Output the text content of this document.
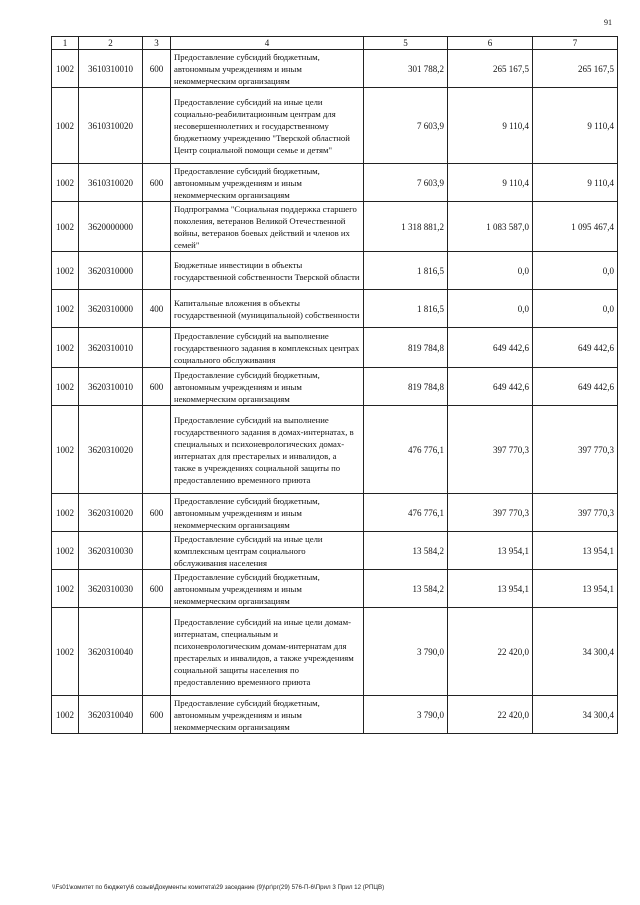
91
1	2	3	4	5	6	7
1002	3610310010	600	Предоставление субсидий бюджетным, автономным учреждениям и иным некоммерческим организациям	301 788,2	265 167,5	265 167,5
1002	3610310020		Предоставление субсидий на иные цели социально-реабилитационным центрам для несовершеннолетних и государственному бюджетному учреждению "Тверской областной Центр социальной помощи семье и детям"	7 603,9	9 110,4	9 110,4
1002	3610310020	600	Предоставление субсидий бюджетным, автономным учреждениям и иным некоммерческим организациям	7 603,9	9 110,4	9 110,4
1002	3620000000		Подпрограмма "Социальная поддержка старшего поколения, ветеранов Великой Отечественной войны, ветеранов боевых действий и членов их семей"	1 318 881,2	1 083 587,0	1 095 467,4
1002	3620310000		Бюджетные инвестиции в объекты государственной собственности Тверской области	1 816,5	0,0	0,0
1002	3620310000	400	Капитальные вложения в объекты государственной (муниципальной) собственности	1 816,5	0,0	0,0
1002	3620310010		Предоставление субсидий на выполнение государственного задания в комплексных центрах социального обслуживания	819 784,8	649 442,6	649 442,6
1002	3620310010	600	Предоставление субсидий бюджетным, автономным учреждениям и иным некоммерческим организациям	819 784,8	649 442,6	649 442,6
1002	3620310020		Предоставление субсидий на выполнение государственного задания в домах-интернатах, в специальных и психоневрологических домах-интернатах для престарелых и инвалидов, а также в учреждениях социальной защиты по предоставлению временного приюта	476 776,1	397 770,3	397 770,3
1002	3620310020	600	Предоставление субсидий бюджетным, автономным учреждениям и иным некоммерческим организациям	476 776,1	397 770,3	397 770,3
1002	3620310030		Предоставление субсидий на иные цели комплексным центрам социального обслуживания населения	13 584,2	13 954,1	13 954,1
1002	3620310030	600	Предоставление субсидий бюджетным, автономным учреждениям и иным некоммерческим организациям	13 584,2	13 954,1	13 954,1
1002	3620310040		Предоставление субсидий на иные цели домам-интернатам, специальным и психоневрологическим домам-интернатам для престарелых и инвалидов, а также учреждениям социальной защиты населения по предоставлению временного приюта	3 790,0	22 420,0	34 300,4
1002	3620310040	600	Предоставление субсидий бюджетным, автономным учреждениям и иным некоммерческим организациям	3 790,0	22 420,0	34 300,4
\\Fs01\комитет по бюджету\6 созыв\Документы комитета\29 заседание (9)\рг\рг(29) 576-П-6\Прил 3 Прил 12 (РПЦВ)
